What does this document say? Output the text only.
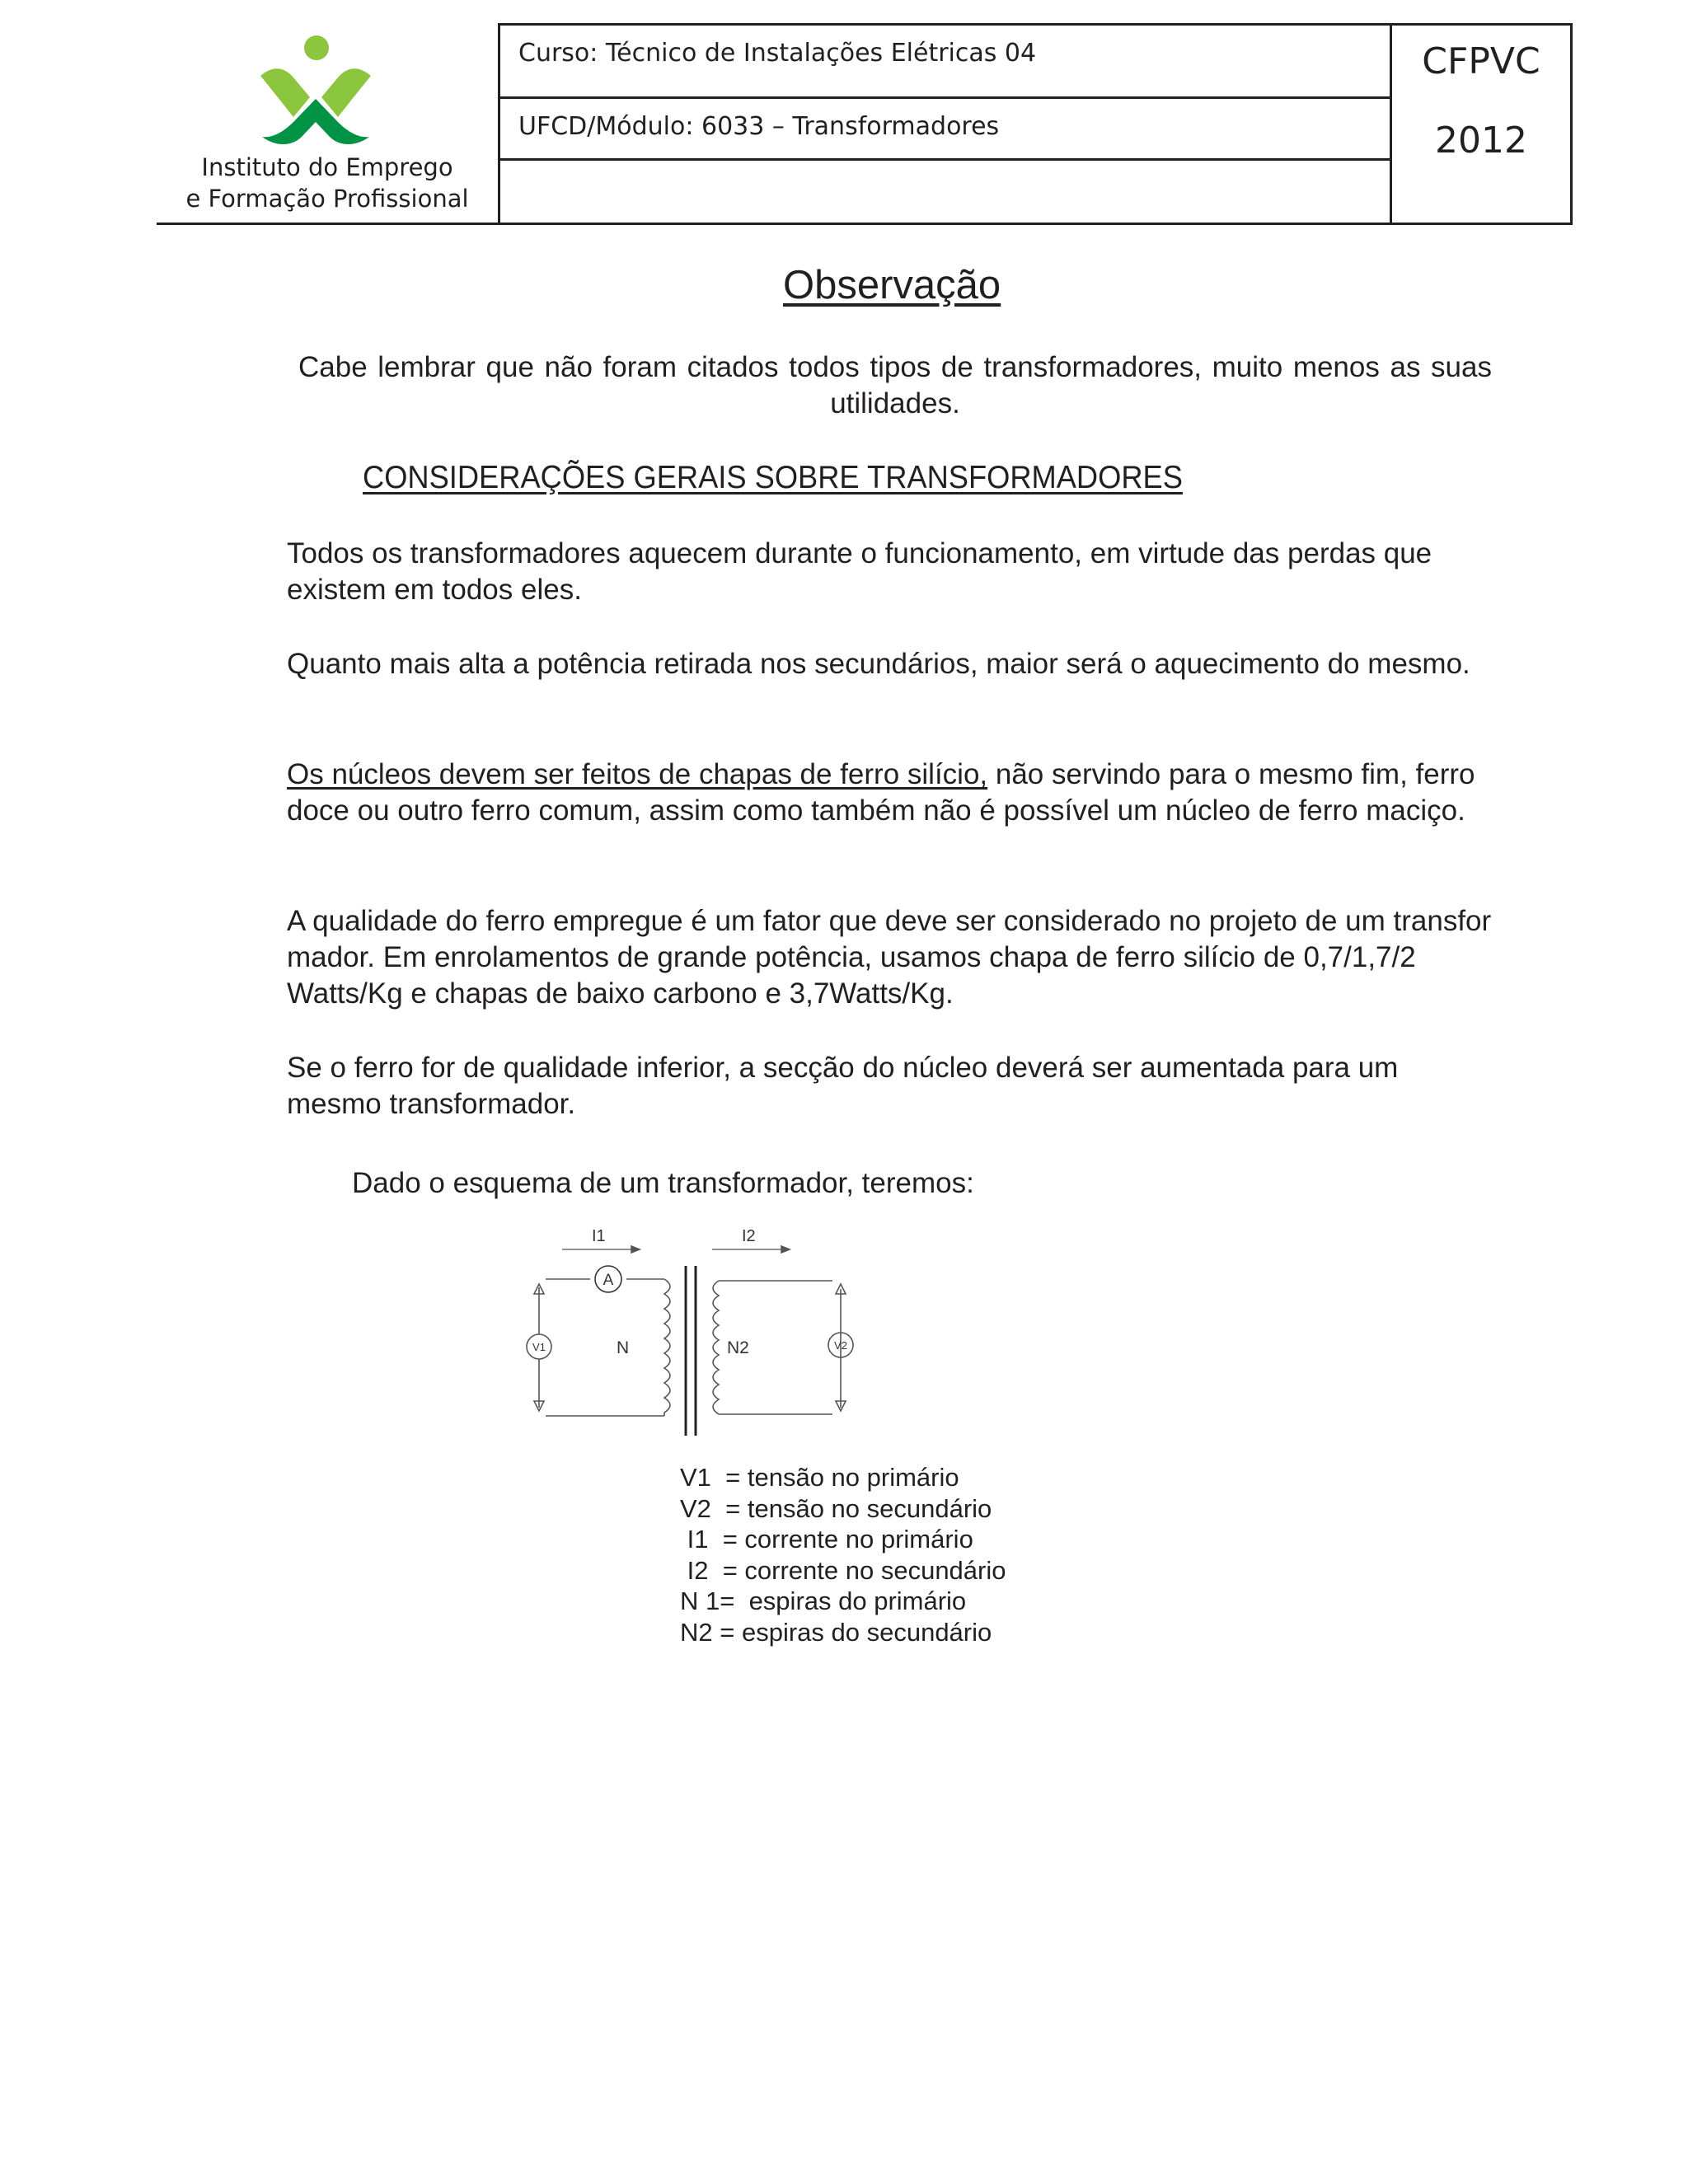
Instituto do Emprego
e Formação Profissional
Curso: Técnico de Instalações Elétricas 04
UFCD/Módulo: 6033 – Transformadores
CFPVC
2012
Observação
Cabe lembrar que não foram citados todos tipos de transformadores, muito menos as suas utilidades.
CONSIDERAÇÕES GERAIS SOBRE TRANSFORMADORES
Todos os transformadores aquecem durante o funcionamento, em virtude das perdas que existem em todos eles.
Quanto mais alta a potência retirada nos secundários, maior será o aquecimento do mesmo.
Os núcleos devem ser feitos de chapas de ferro silício, não servindo para o mesmo fim, ferro doce ou outro ferro comum, assim como também não é possível um núcleo de ferro maciço.
A qualidade do ferro empregue é um fator que deve ser considerado no projeto de um transfor mador. Em enrolamentos de grande potência, usamos chapa de ferro silício de 0,7/1,7/2 Watts/Kg e chapas de baixo carbono e 3,7Watts/Kg.
Se o ferro for de qualidade inferior, a secção do núcleo deverá ser aumentada para um mesmo transformador.
Dado o esquema de um transformador, teremos:
I1	I2
A
V1	V2
N	N2
V1  = tensão no primário
V2  = tensão no secundário
I1  = corrente no primário
I2  = corrente no secundário
N 1=  espiras do primário
N2 = espiras do secundário
